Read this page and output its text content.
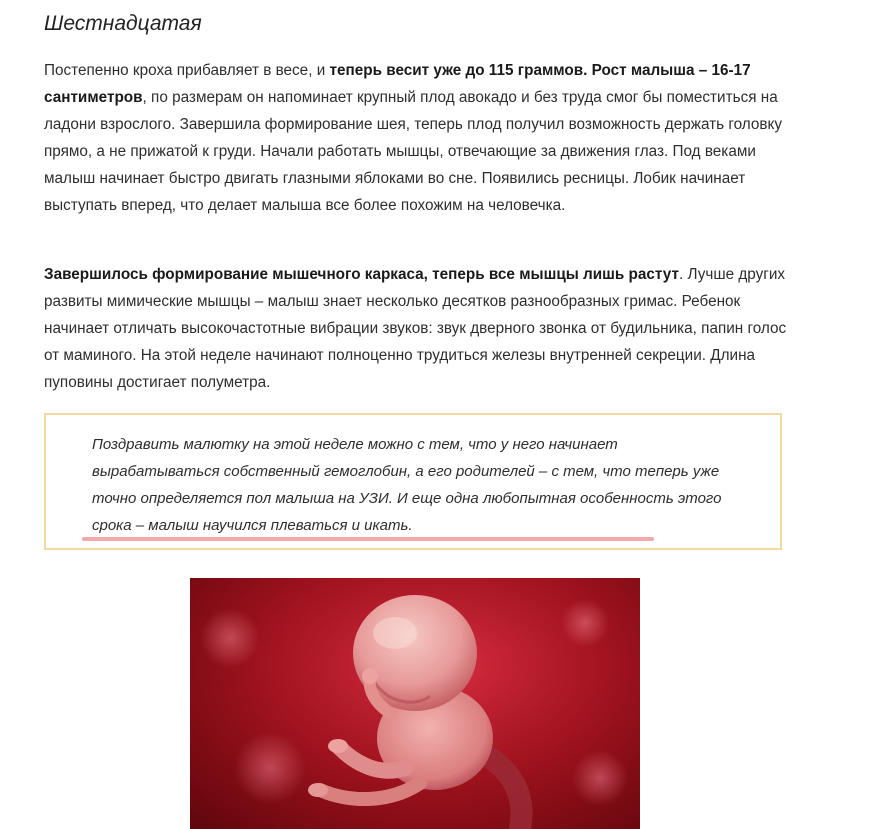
Шестнадцатая

Постепенно кроха прибавляет в весе, и теперь весит уже до 115 граммов. Рост малыша – 16-17 сантиметров, по размерам он напоминает крупный плод авокадо и без труда смог бы поместиться на ладони взрослого. Завершила формирование шея, теперь плод получил возможность держать головку прямо, а не прижатой к груди. Начали работать мышцы, отвечающие за движения глаз. Под веками малыш начинает быстро двигать глазными яблоками во сне. Появились ресницы. Лобик начинает выступать вперед, что делает малыша все более похожим на человечка.

Завершилось формирование мышечного каркаса, теперь все мышцы лишь растут. Лучше других развиты мимические мышцы – малыш знает несколько десятков разнообразных гримас. Ребенок начинает отличать высокочастотные вибрации звуков: звук дверного звонка от будильника, папин голос от маминого. На этой неделе начинают полноценно трудиться железы внутренней секреции. Длина пуповины достигает полуметра.

Поздравить малютку на этой неделе можно с тем, что у него начинает вырабатываться собственный гемоглобин, а его родителей – с тем, что теперь уже точно определяется пол малыша на УЗИ. И еще одна любопытная особенность этого срока – малыш научился плеваться и икать.
